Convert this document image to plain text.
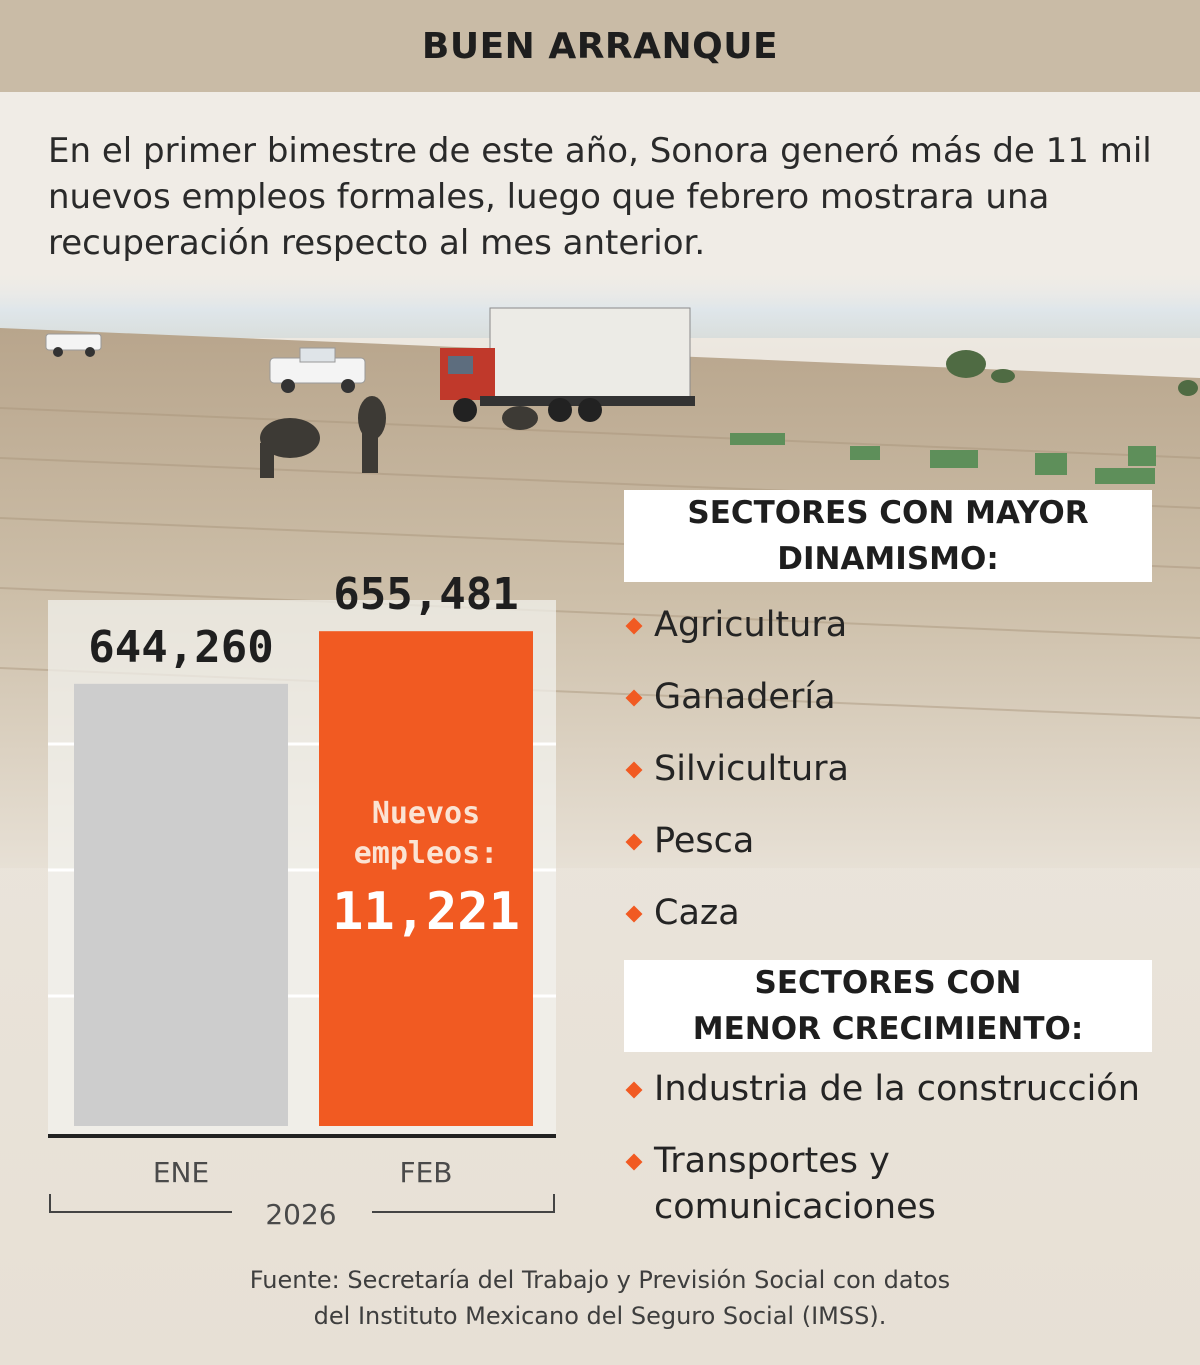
BUEN ARRANQUE

En el primer bimestre de este año, Sonora generó más de 11 mil nuevos empleos formales, luego que febrero mostrara una recuperación respecto al mes anterior.

ENE	FEB
2026
644,260
655,481
Nuevos
empleos:
11,221
SECTORES CON MAYOR
DINAMISMO:
Agricultura
Ganadería
Silvicultura
Pesca
Caza
SECTORES CON
MENOR CRECIMIENTO:
Industria de la construcción
Transportes y comunicaciones
Fuente: Secretaría del Trabajo y Previsión Social con datos
del Instituto Mexicano del Seguro Social (IMSS).
